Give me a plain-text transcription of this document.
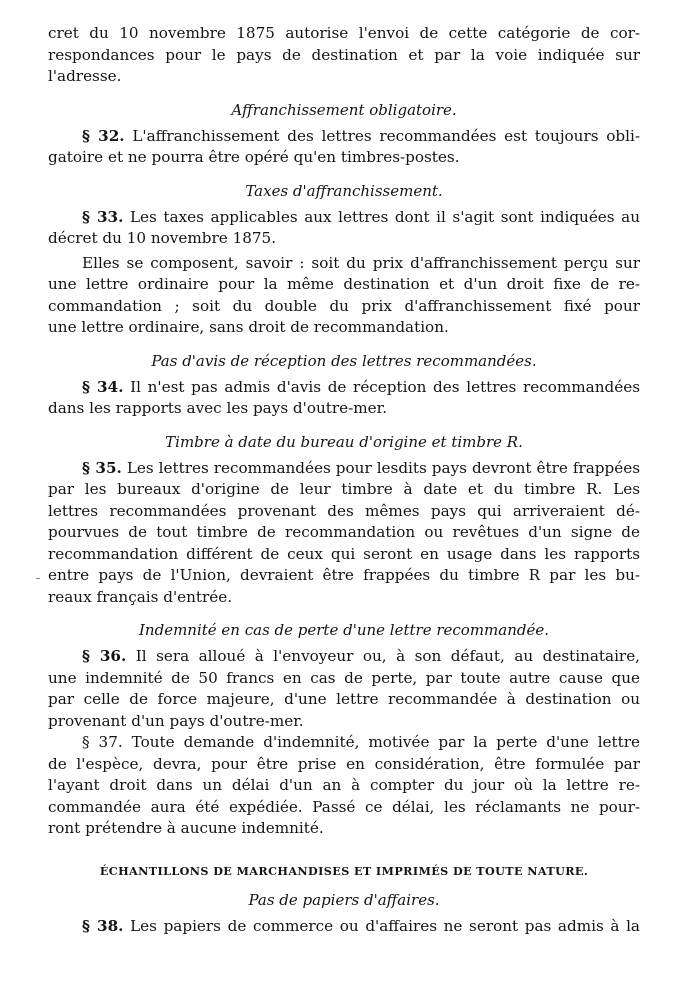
cret du 10 novembre 1875 autorise l'envoi de cette catégorie de cor-
respondances pour le pays de destination et par la voie indiquée sur
l'adresse.
Affranchissement obligatoire.
§ 32. L'affranchissement des lettres recommandées est toujours obli-
gatoire et ne pourra être opéré qu'en timbres-postes.
Taxes d'affranchissement.
§ 33. Les taxes applicables aux lettres dont il s'agit sont indiquées au
décret du 10 novembre 1875.
Elles se composent, savoir : soit du prix d'affranchissement perçu sur
une lettre ordinaire pour la même destination et d'un droit fixe de re-
commandation ; soit du double du prix d'affranchissement fixé pour
une lettre ordinaire, sans droit de recommandation.
Pas d'avis de réception des lettres recommandées.
§ 34. Il n'est pas admis d'avis de réception des lettres recommandées
dans les rapports avec les pays d'outre-mer.
Timbre à date du bureau d'origine et timbre R.
§ 35. Les lettres recommandées pour lesdits pays devront être frappées
par les bureaux d'origine de leur timbre à date et du timbre R. Les
lettres recommandées provenant des mêmes pays qui arriveraient dé-
pourvues de tout timbre de recommandation ou revêtues d'un signe de
recommandation différent de ceux qui seront en usage dans les rapports
entre pays de l'Union, devraient être frappées du timbre R par les bu-
reaux français d'entrée.
Indemnité en cas de perte d'une lettre recommandée.
§ 36. Il sera alloué à l'envoyeur ou, à son défaut, au destinataire,
une indemnité de 50 francs en cas de perte, par toute autre cause que
par celle de force majeure, d'une lettre recommandée à destination ou
provenant d'un pays d'outre-mer.
§ 37. Toute demande d'indemnité, motivée par la perte d'une lettre
de l'espèce, devra, pour être prise en considération, être formulée par
l'ayant droit dans un délai d'un an à compter du jour où la lettre re-
commandée aura été expédiée. Passé ce délai, les réclamants ne pour-
ront prétendre à aucune indemnité.
ÉCHANTILLONS DE MARCHANDISES ET IMPRIMÉS DE TOUTE NATURE.
Pas de papiers d'affaires.
§ 38. Les papiers de commerce ou d'affaires ne seront pas admis à la
